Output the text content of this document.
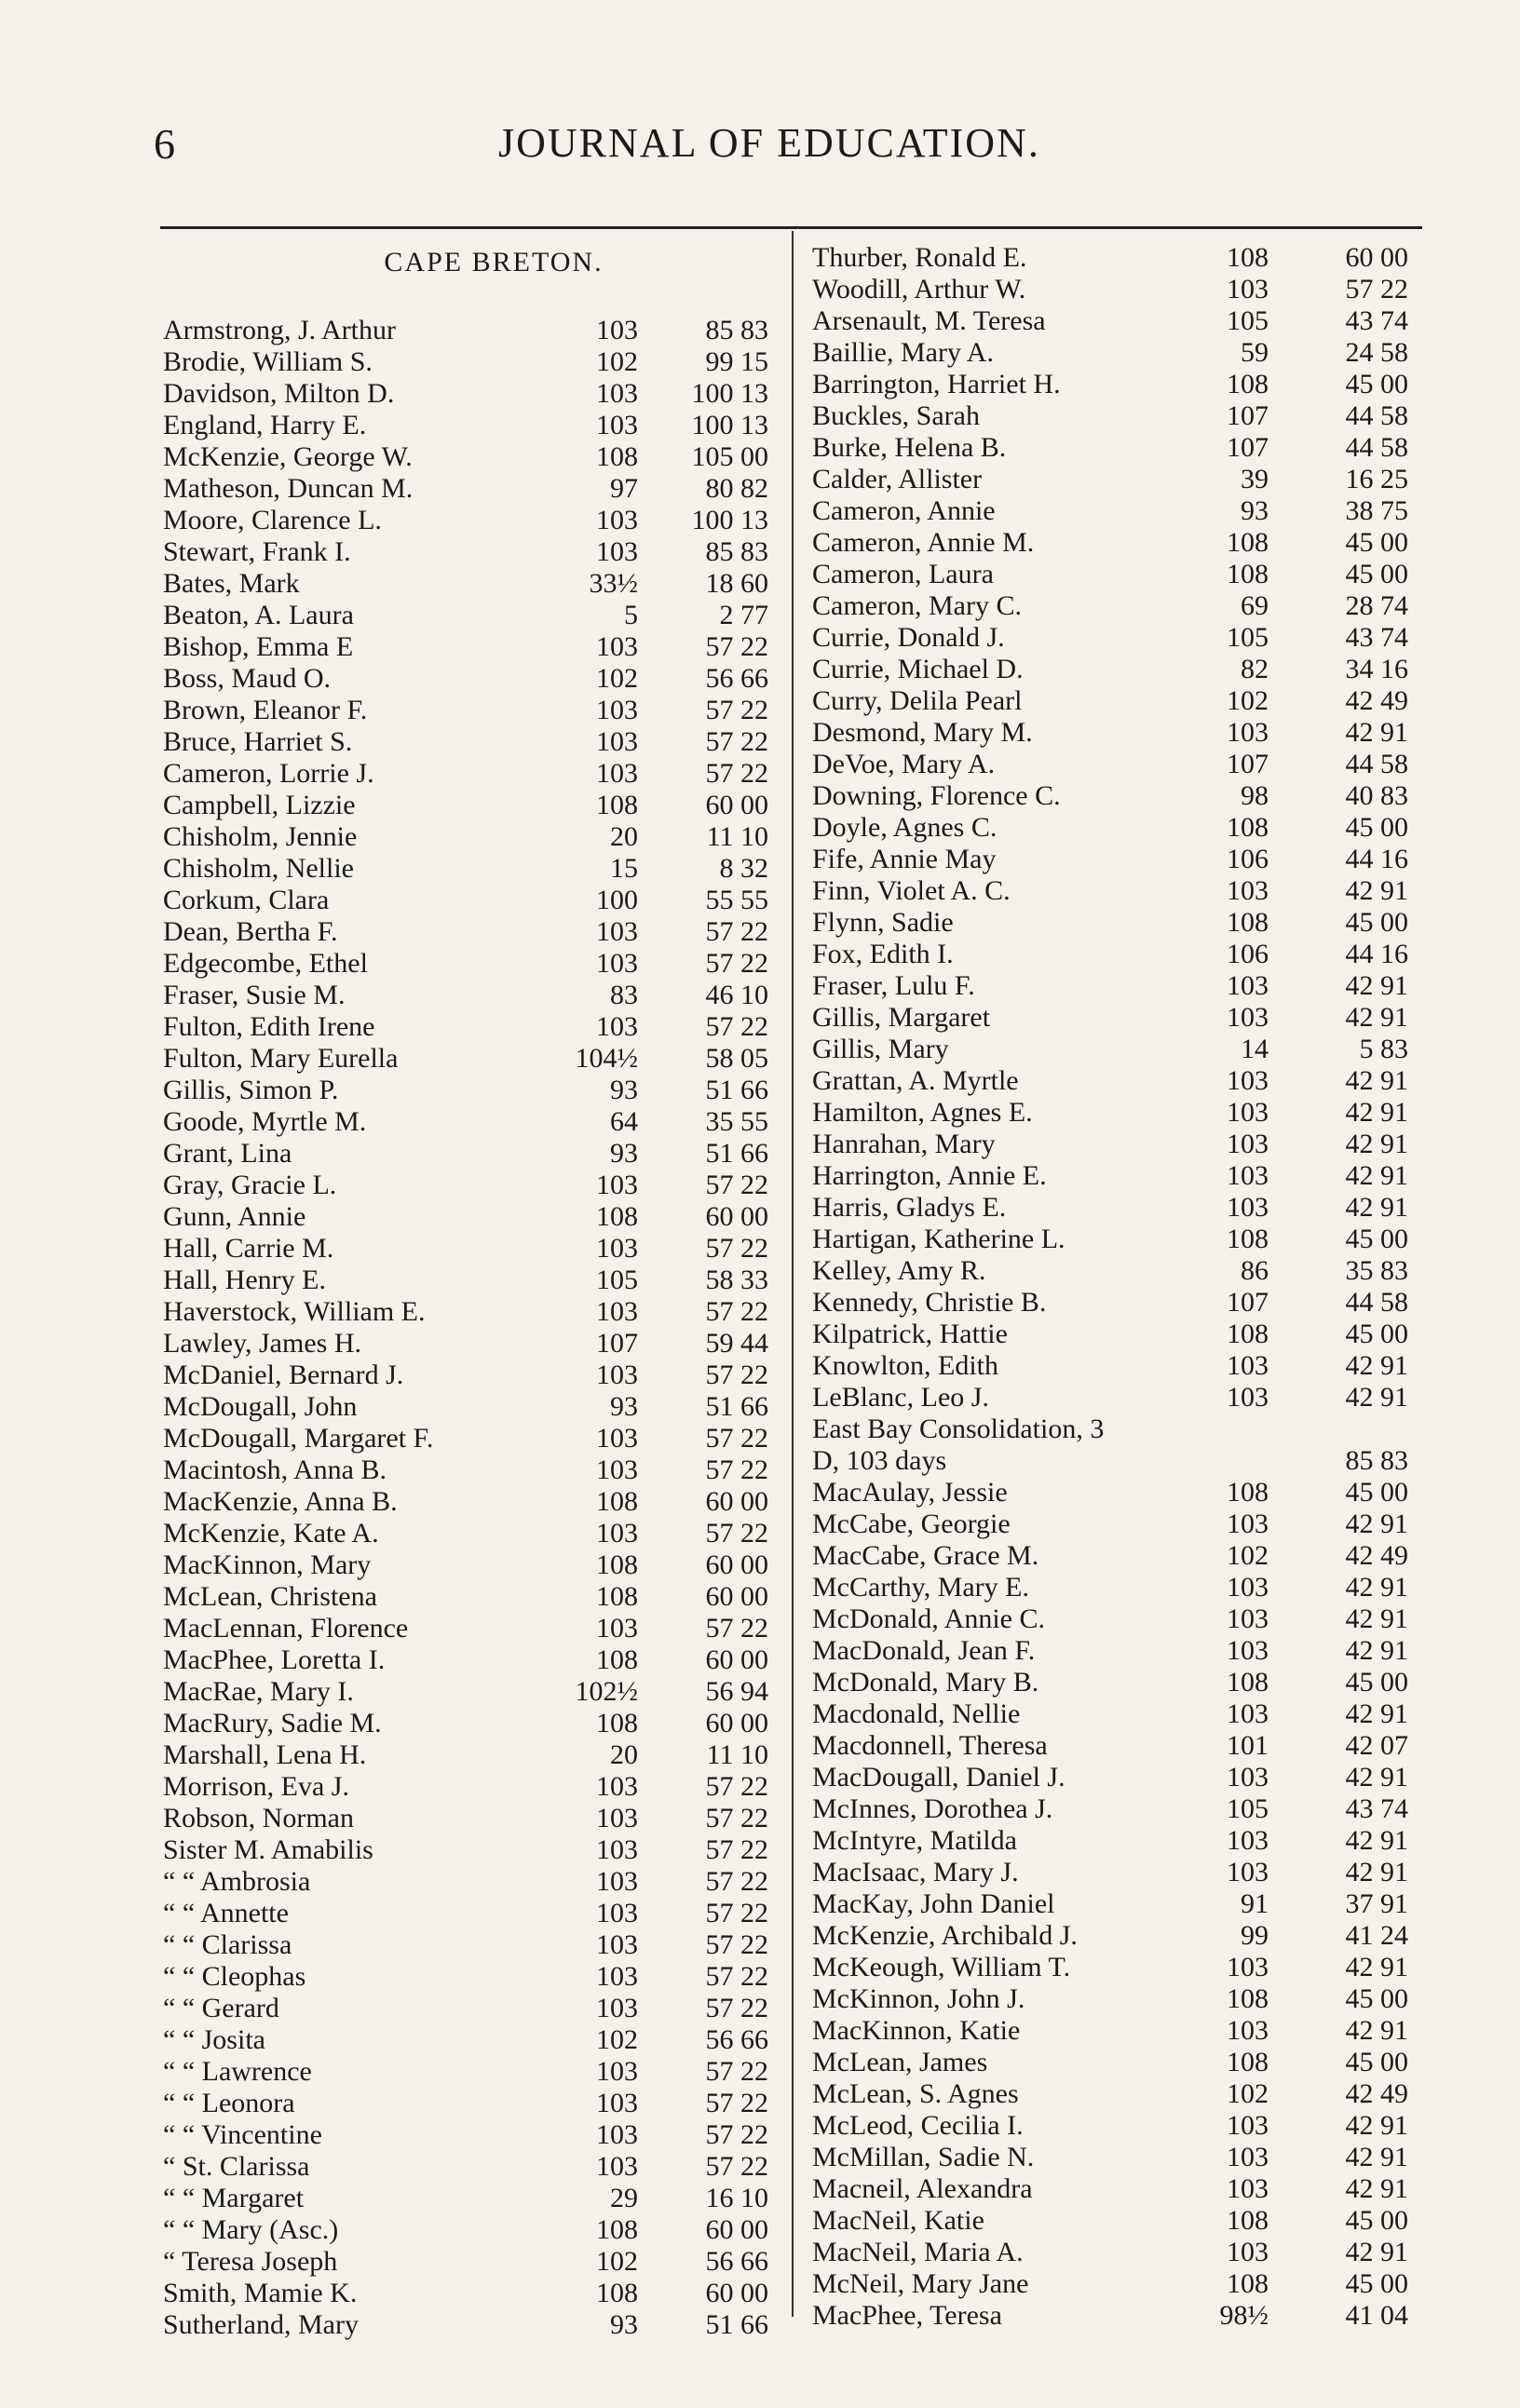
6	JOURNAL OF EDUCATION.
CAPE BRETON.
Armstrong, J. Arthur	103	85 83
Brodie, William S.	102	99 15
Davidson, Milton D.	103	100 13
England, Harry E.	103	100 13
McKenzie, George W.	108	105 00
Matheson, Duncan M.	97	80 82
Moore, Clarence L.	103	100 13
Stewart, Frank I.	103	85 83
Bates, Mark	33½	18 60
Beaton, A. Laura	5	2 77
Bishop, Emma E	103	57 22
Boss, Maud O.	102	56 66
Brown, Eleanor F.	103	57 22
Bruce, Harriet S.	103	57 22
Cameron, Lorrie J.	103	57 22
Campbell, Lizzie	108	60 00
Chisholm, Jennie	20	11 10
Chisholm, Nellie	15	8 32
Corkum, Clara	100	55 55
Dean, Bertha F.	103	57 22
Edgecombe, Ethel	103	57 22
Fraser, Susie M.	83	46 10
Fulton, Edith Irene	103	57 22
Fulton, Mary Eurella	104½	58 05
Gillis, Simon P.	93	51 66
Goode, Myrtle M.	64	35 55
Grant, Lina	93	51 66
Gray, Gracie L.	103	57 22
Gunn, Annie	108	60 00
Hall, Carrie M.	103	57 22
Hall, Henry E.	105	58 33
Haverstock, William E.	103	57 22
Lawley, James H.	107	59 44
McDaniel, Bernard J.	103	57 22
McDougall, John	93	51 66
McDougall, Margaret F.	103	57 22
Macintosh, Anna B.	103	57 22
MacKenzie, Anna B.	108	60 00
McKenzie, Kate A.	103	57 22
MacKinnon, Mary	108	60 00
McLean, Christena	108	60 00
MacLennan, Florence	103	57 22
MacPhee, Loretta I.	108	60 00
MacRae, Mary I.	102½	56 94
MacRury, Sadie M.	108	60 00
Marshall, Lena H.	20	11 10
Morrison, Eva J.	103	57 22
Robson, Norman	103	57 22
Sister M. Amabilis	103	57 22
“ “ Ambrosia	103	57 22
“ “ Annette	103	57 22
“ “ Clarissa	103	57 22
“ “ Cleophas	103	57 22
“ “ Gerard	103	57 22
“ “ Josita	102	56 66
“ “ Lawrence	103	57 22
“ “ Leonora	103	57 22
“ “ Vincentine	103	57 22
“ St. Clarissa	103	57 22
“ “ Margaret	29	16 10
“ “ Mary (Asc.)	108	60 00
“ Teresa Joseph	102	56 66
Smith, Mamie K.	108	60 00
Sutherland, Mary	93	51 66
Thurber, Ronald E.	108	60 00
Woodill, Arthur W.	103	57 22
Arsenault, M. Teresa	105	43 74
Baillie, Mary A.	59	24 58
Barrington, Harriet H.	108	45 00
Buckles, Sarah	107	44 58
Burke, Helena B.	107	44 58
Calder, Allister	39	16 25
Cameron, Annie	93	38 75
Cameron, Annie M.	108	45 00
Cameron, Laura	108	45 00
Cameron, Mary C.	69	28 74
Currie, Donald J.	105	43 74
Currie, Michael D.	82	34 16
Curry, Delila Pearl	102	42 49
Desmond, Mary M.	103	42 91
DeVoe, Mary A.	107	44 58
Downing, Florence C.	98	40 83
Doyle, Agnes C.	108	45 00
Fife, Annie May	106	44 16
Finn, Violet A. C.	103	42 91
Flynn, Sadie	108	45 00
Fox, Edith I.	106	44 16
Fraser, Lulu F.	103	42 91
Gillis, Margaret	103	42 91
Gillis, Mary	14	5 83
Grattan, A. Myrtle	103	42 91
Hamilton, Agnes E.	103	42 91
Hanrahan, Mary	103	42 91
Harrington, Annie E.	103	42 91
Harris, Gladys E.	103	42 91
Hartigan, Katherine L.	108	45 00
Kelley, Amy R.	86	35 83
Kennedy, Christie B.	107	44 58
Kilpatrick, Hattie	108	45 00
Knowlton, Edith	103	42 91
LeBlanc, Leo J.	103	42 91
East Bay Consolidation, 3
D, 103 days	85 83
MacAulay, Jessie	108	45 00
McCabe, Georgie	103	42 91
MacCabe, Grace M.	102	42 49
McCarthy, Mary E.	103	42 91
McDonald, Annie C.	103	42 91
MacDonald, Jean F.	103	42 91
McDonald, Mary B.	108	45 00
Macdonald, Nellie	103	42 91
Macdonnell, Theresa	101	42 07
MacDougall, Daniel J.	103	42 91
McInnes, Dorothea J.	105	43 74
McIntyre, Matilda	103	42 91
MacIsaac, Mary J.	103	42 91
MacKay, John Daniel	91	37 91
McKenzie, Archibald J.	99	41 24
McKeough, William T.	103	42 91
McKinnon, John J.	108	45 00
MacKinnon, Katie	103	42 91
McLean, James	108	45 00
McLean, S. Agnes	102	42 49
McLeod, Cecilia I.	103	42 91
McMillan, Sadie N.	103	42 91
Macneil, Alexandra	103	42 91
MacNeil, Katie	108	45 00
MacNeil, Maria A.	103	42 91
McNeil, Mary Jane	108	45 00
MacPhee, Teresa	98½	41 04
